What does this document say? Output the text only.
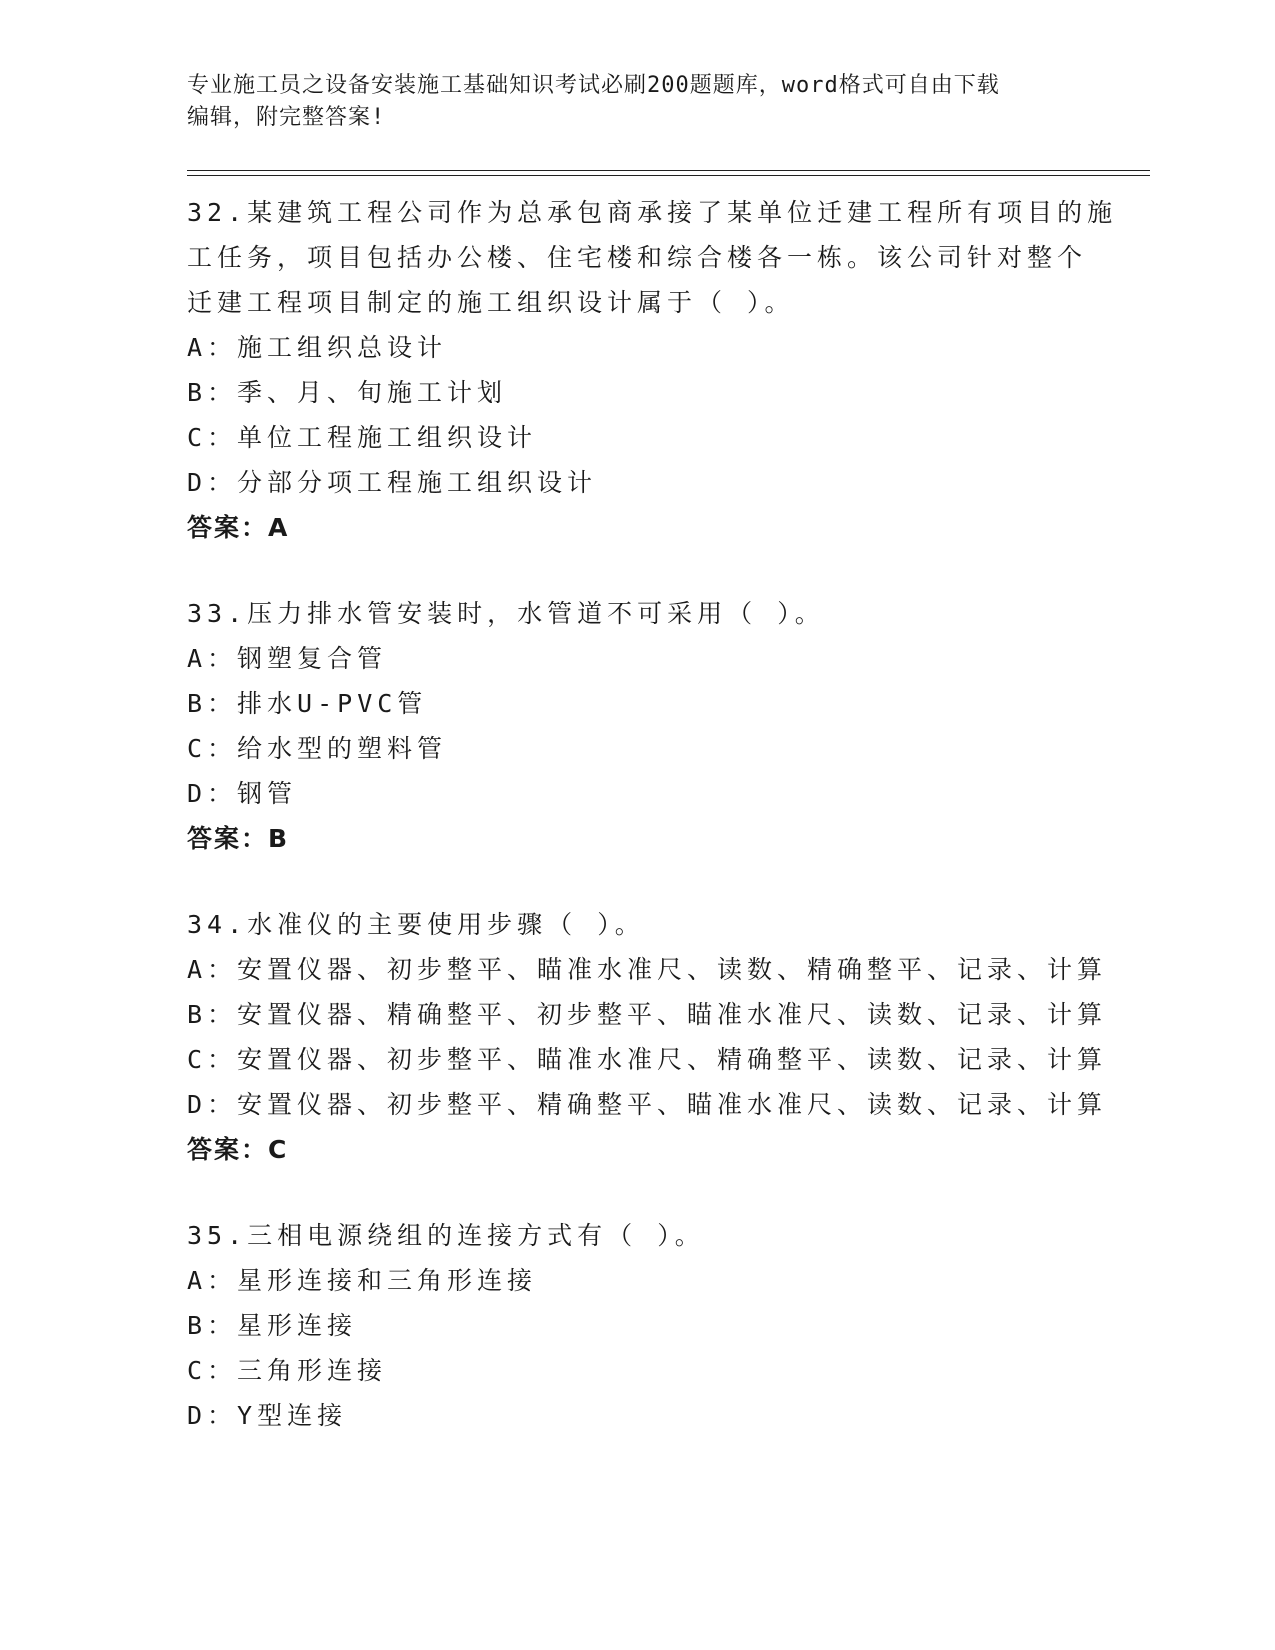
专业施工员之设备安装施工基础知识考试必刷200题题库，word格式可自由下载

编辑，附完整答案!

32.某建筑工程公司作为总承包商承接了某单位迁建工程所有项目的施

工任务，项目包括办公楼、住宅楼和综合楼各一栋。该公司针对整个

迁建工程项目制定的施工组织设计属于（ ）。

A：施工组织总设计

B：季、月、旬施工计划

C：单位工程施工组织设计

D：分部分项工程施工组织设计

答案：A

33.压力排水管安装时，水管道不可采用（ ）。

A：钢塑复合管

B：排水U-PVC管

C：给水型的塑料管

D：钢管

答案：B

34.水准仪的主要使用步骤（ ）。

A：安置仪器、初步整平、瞄准水准尺、读数、精确整平、记录、计算

B：安置仪器、精确整平、初步整平、瞄准水准尺、读数、记录、计算

C：安置仪器、初步整平、瞄准水准尺、精确整平、读数、记录、计算

D：安置仪器、初步整平、精确整平、瞄准水准尺、读数、记录、计算

答案：C

35.三相电源绕组的连接方式有（ ）。

A：星形连接和三角形连接

B：星形连接

C：三角形连接

D：Y型连接
